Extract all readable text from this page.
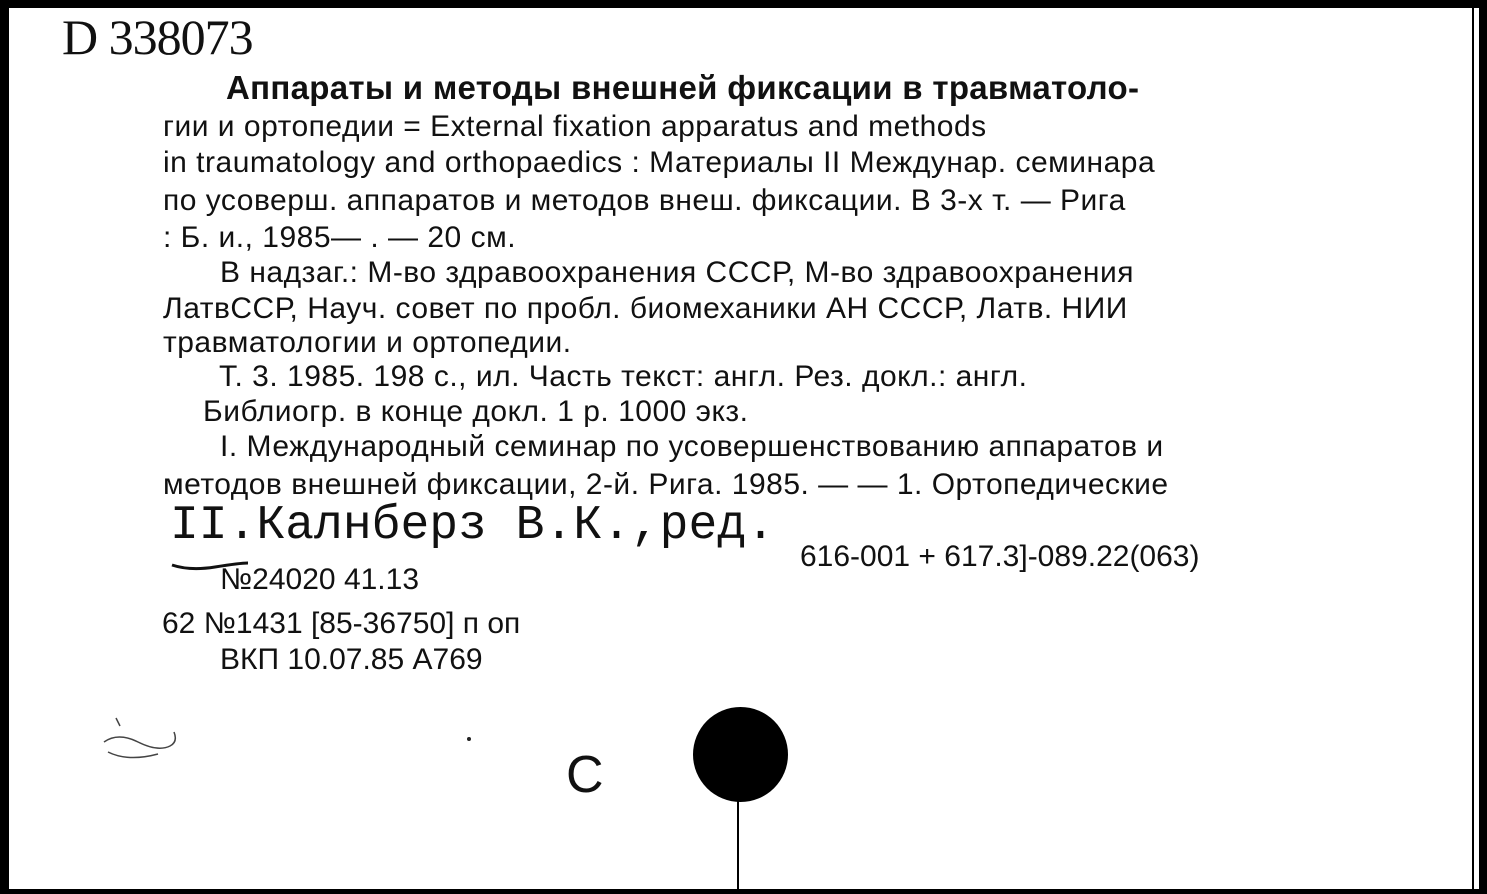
D 338073
Аппараты и методы внешней фиксации в травматоло-
гии и ортопедии = External fixation apparatus and methods
in traumatology and orthopaedics : Материалы II Междунар. семинара
по усоверш. аппаратов и методов внеш. фиксации. В 3-х т. — Рига
: Б. и., 1985— . — 20 см.
В надзаг.: М-во здравоохранения СССР, М-во здравоохранения
ЛатвССР, Науч. совет по пробл. биомеханики АН СССР, Латв. НИИ
травматологии и ортопедии.
Т. 3. 1985. 198 с., ил. Часть текст: англ. Рез. докл.: англ.
Библиогр. в конце докл. 1 р. 1000 экз.
I. Международный семинар по усовершенствованию аппаратов и
методов внешней фиксации, 2-й. Рига. 1985. — — 1. Ортопедические
II.Калнберз В.К.,ред.
616-001 + 617.3]-089.22(063)
№24020 41.13
62 №1431 [85-36750] п оп
ВКП 10.07.85 А769
C
